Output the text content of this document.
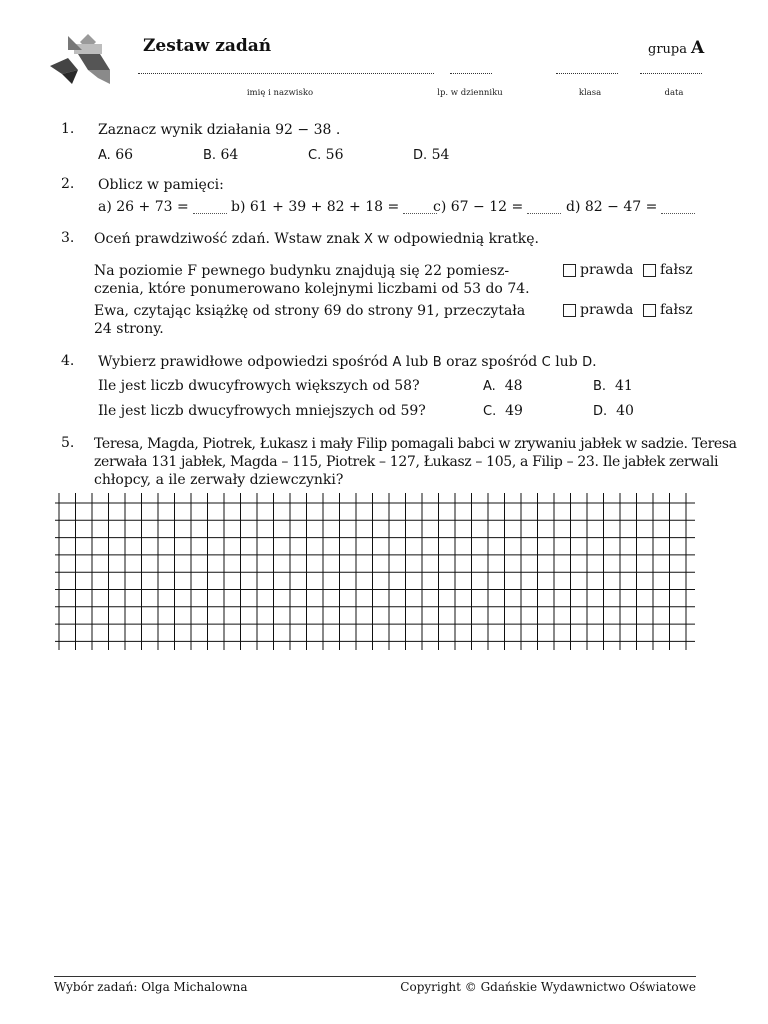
Zestaw zadań	grupa A
imię i nazwisko	lp. w dzienniku	klasa	data
1. Zaznacz wynik działania 92 − 38 .
A. 66	B. 64	C. 56	D. 54
2. Oblicz w pamięci:
a) 26 + 73 =	b) 61 + 39 + 82 + 18 =	c) 67 − 12 =	d) 82 − 47 =
3. Oceń prawdziwość zdań. Wstaw znak X w odpowiednią kratkę.
Na poziomie F pewnego budynku znajdują się 22 pomiesz-
czenia, które ponumerowano kolejnymi liczbami od 53 do 74.
prawda	fałsz
Ewa, czytając książkę od strony 69 do strony 91, przeczytała
24 strony.
prawda	fałsz
4. Wybierz prawidłowe odpowiedzi spośród A lub B oraz spośród C lub D.
Ile jest liczb dwucyfrowych większych od 58?	A. 48	B. 41
Ile jest liczb dwucyfrowych mniejszych od 59?	C. 49	D. 40
5. Teresa, Magda, Piotrek, Łukasz i mały Filip pomagali babci w zrywaniu jabłek w sadzie. Teresa
zerwała 131 jabłek, Magda – 115, Piotrek – 127, Łukasz – 105, a Filip – 23. Ile jabłek zerwali
chłopcy, a ile zerwały dziewczynki?
Wybór zadań: Olga Michalowna	Copyright © Gdańskie Wydawnictwo Oświatowe
